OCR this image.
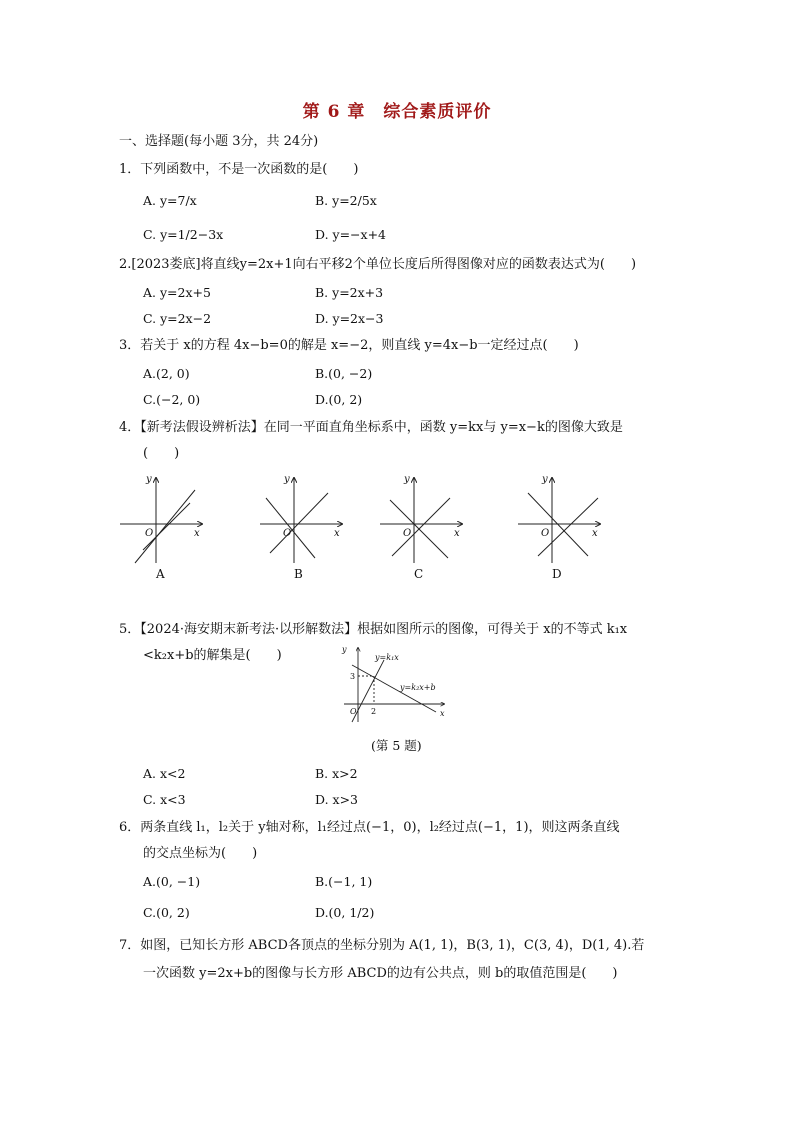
第 6 章　综合素质评价
一、选择题(每小题 3分，共 24分)
1．下列函数中，不是一次函数的是(　　)
A. y=7/x	B. y=2/5x
C. y=1/2−3x	D. y=−x+4
2.[2023娄底]将直线y=2x+1向右平移2个单位长度后所得图像对应的函数表达式为(　　)
A. y=2x+5	B. y=2x+3
C. y=2x−2	D. y=2x−3
3．若关于 x的方程 4x−b=0的解是 x=−2，则直线 y=4x−b一定经过点(　　)
A.(2, 0)	B.(0, −2)
C.(−2, 0)	D.(0, 2)
4．【新考法假设辨析法】在同一平面直角坐标系中，函数 y=kx与 y=x−k的图像大致是
(　　)
y
x
O
y
x
O
y
x
O
y
x
O
A	B	C	D
5．【2024·海安期末新考法·以形解数法】根据如图所示的图像，可得关于 x的不等式 k₁x
<k₂x+b的解集是(　　)	y
x
O
y=k₁x
y=k₂x+b
3
2
(第 5 题)
A. x<2	B. x>2
C. x<3	D. x>3
6．两条直线 l₁，l₂关于 y轴对称，l₁经过点(−1，0)，l₂经过点(−1，1)，则这两条直线
的交点坐标为(　　)
A.(0, −1)	B.(−1, 1)
C.(0, 2)	D.(0, 1/2)
7．如图，已知长方形 ABCD各顶点的坐标分别为 A(1, 1)，B(3, 1)，C(3, 4)，D(1, 4).若
一次函数 y=2x+b的图像与长方形 ABCD的边有公共点，则 b的取值范围是(　　)
